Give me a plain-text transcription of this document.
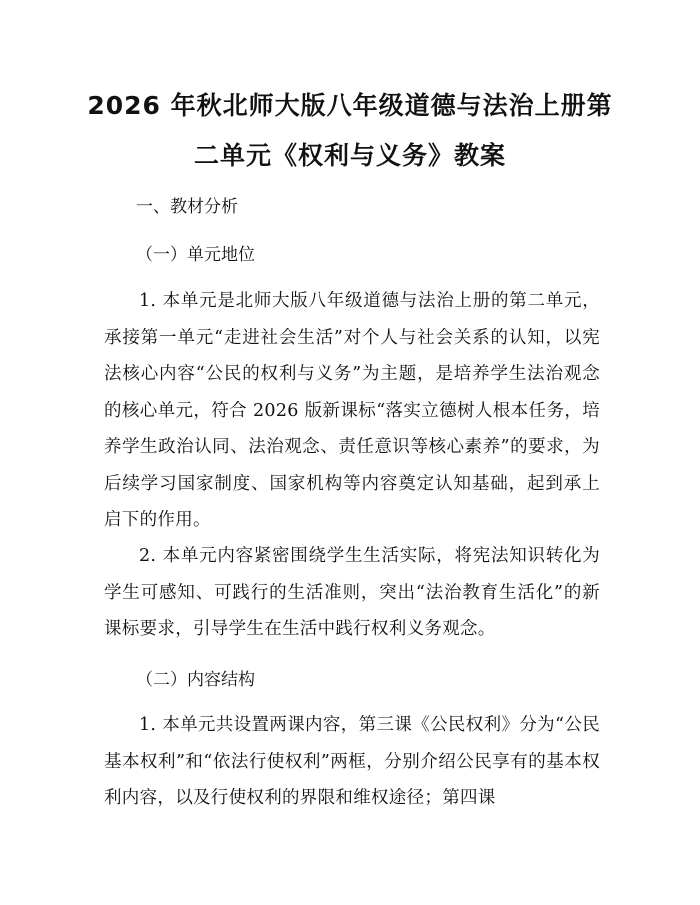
2026 年秋北师大版八年级道德与法治上册第
二单元《权利与义务》教案

一、教材分析

（一）单元地位

1. 本单元是北师大版八年级道德与法治上册的第二单元，承接第一单元“走进社会生活”对个人与社会关系的认知，以宪法核心内容“公民的权利与义务”为主题，是培养学生法治观念的核心单元，符合 2026 版新课标“落实立德树人根本任务，培养学生政治认同、法治观念、责任意识等核心素养”的要求，为后续学习国家制度、国家机构等内容奠定认知基础，起到承上启下的作用。

2. 本单元内容紧密围绕学生生活实际，将宪法知识转化为学生可感知、可践行的生活准则，突出“法治教育生活化”的新课标要求，引导学生在生活中践行权利义务观念。

（二）内容结构

1. 本单元共设置两课内容，第三课《公民权利》分为“公民基本权利”和“依法行使权利”两框，分别介绍公民享有的基本权利内容，以及行使权利的界限和维权途径；第四课
